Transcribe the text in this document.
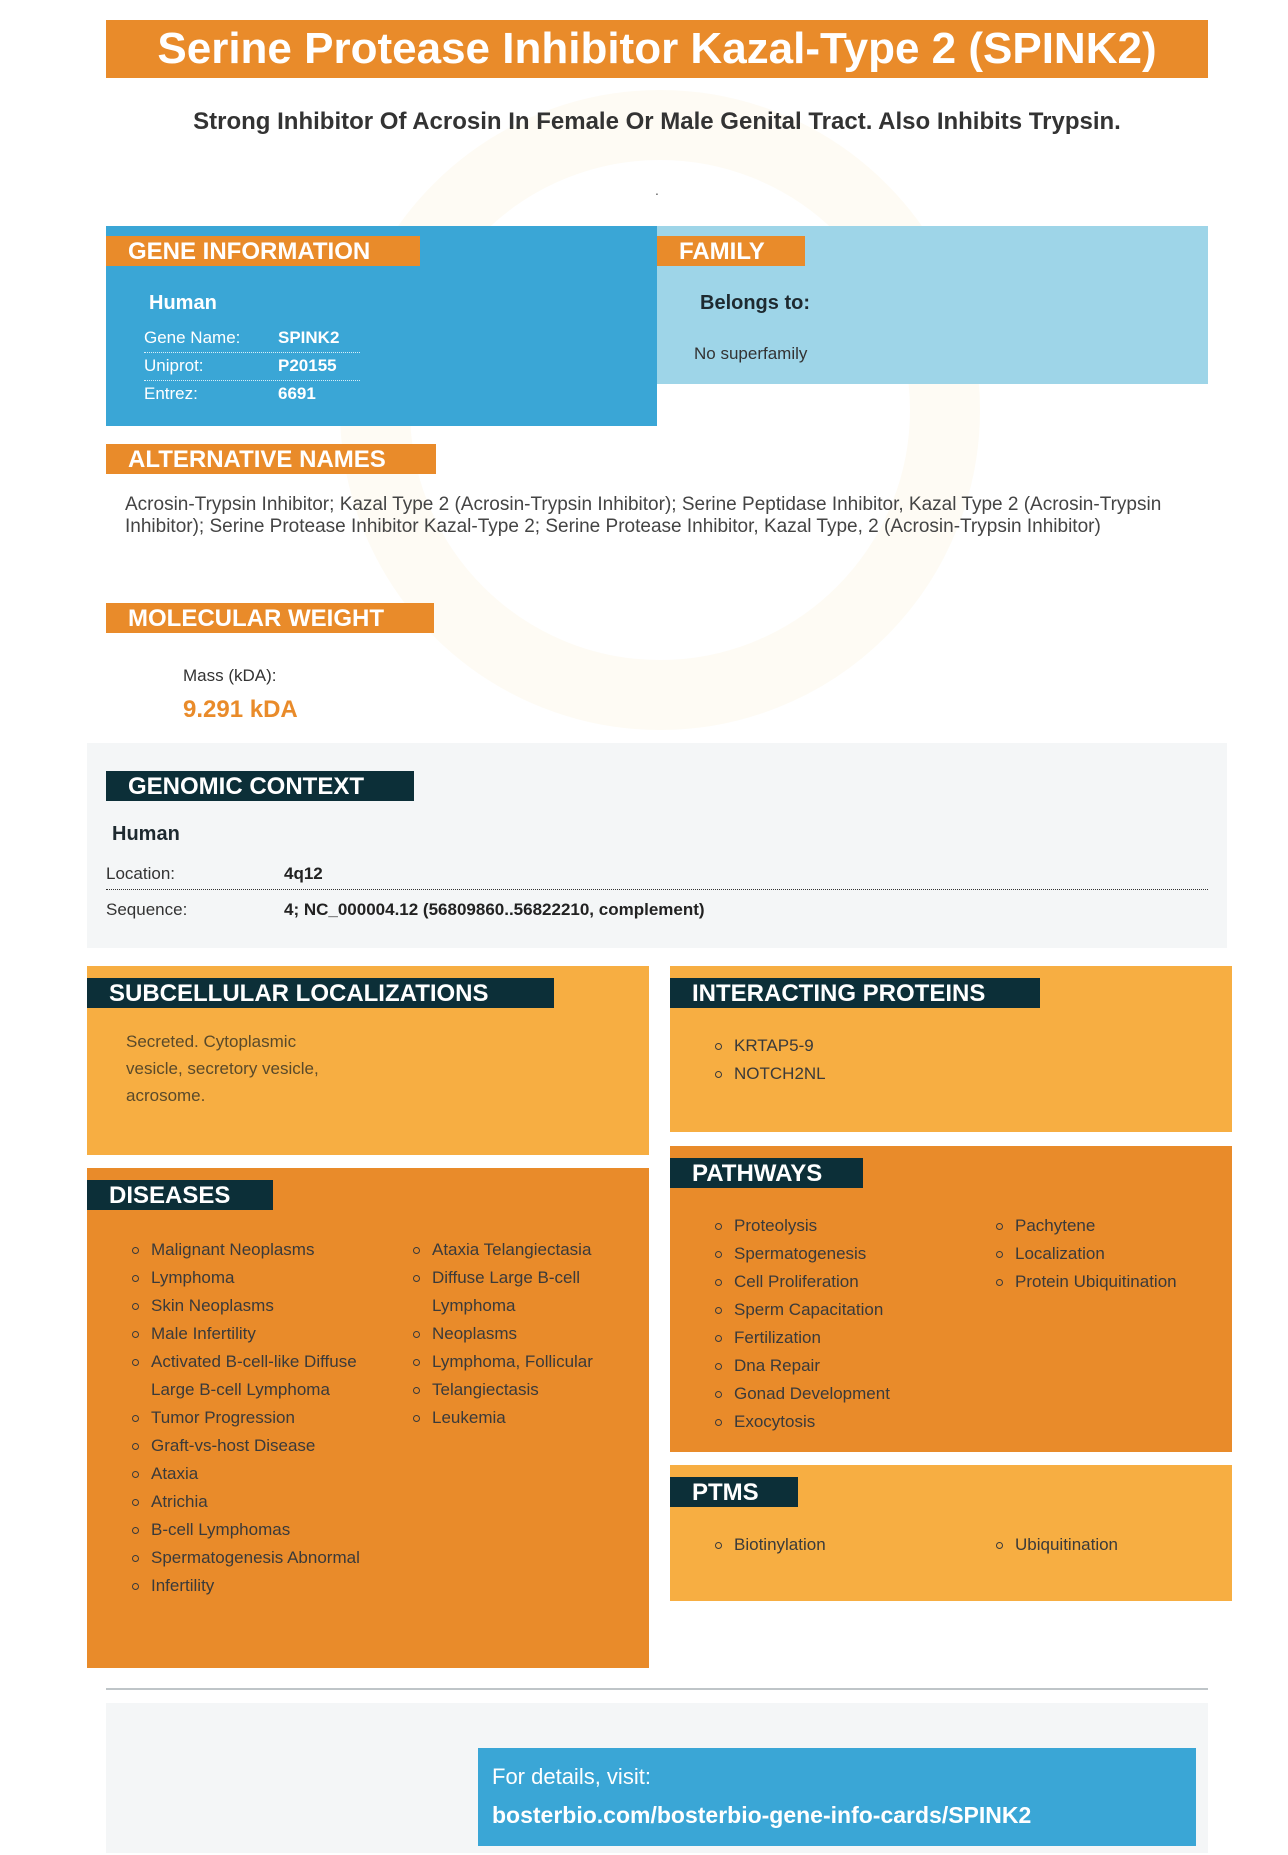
Serine Protease Inhibitor Kazal-Type 2 (SPINK2)
Strong Inhibitor Of Acrosin In Female Or Male Genital Tract. Also Inhibits Trypsin.
.
GENE INFORMATION
Human
Gene Name: SPINK2
Uniprot:	P20155
Entrez:	6691
FAMILY
Belongs to:
No superfamily
ALTERNATIVE NAMES
Acrosin-Trypsin Inhibitor; Kazal Type 2 (Acrosin-Trypsin Inhibitor); Serine Peptidase Inhibitor, Kazal Type 2 (Acrosin-Trypsin Inhibitor); Serine Protease Inhibitor Kazal-Type 2; Serine Protease Inhibitor, Kazal Type, 2 (Acrosin-Trypsin Inhibitor)
MOLECULAR WEIGHT
Mass (kDA):
9.291 kDA
GENOMIC CONTEXT
Human
Location:	4q12
Sequence:	4; NC_000004.12 (56809860..56822210, complement)
SUBCELLULAR LOCALIZATIONS
Secreted. Cytoplasmic vesicle, secretory vesicle, acrosome.
INTERACTING PROTEINS
KRTAP5-9
NOTCH2NL
DISEASES
Malignant Neoplasms
Lymphoma
Skin Neoplasms
Male Infertility
Activated B-cell-like Diffuse Large B-cell Lymphoma
Tumor Progression
Graft-vs-host Disease
Ataxia
Atrichia
B-cell Lymphomas
Spermatogenesis Abnormal
Infertility
Ataxia Telangiectasia
Diffuse Large B-cell Lymphoma
Neoplasms
Lymphoma, Follicular
Telangiectasis
Leukemia
PATHWAYS
Proteolysis
Spermatogenesis
Cell Proliferation
Sperm Capacitation
Fertilization
Dna Repair
Gonad Development
Exocytosis
Pachytene
Localization
Protein Ubiquitination
PTMS
Biotinylation	Ubiquitination
For details, visit:
bosterbio.com/bosterbio-gene-info-cards/SPINK2
